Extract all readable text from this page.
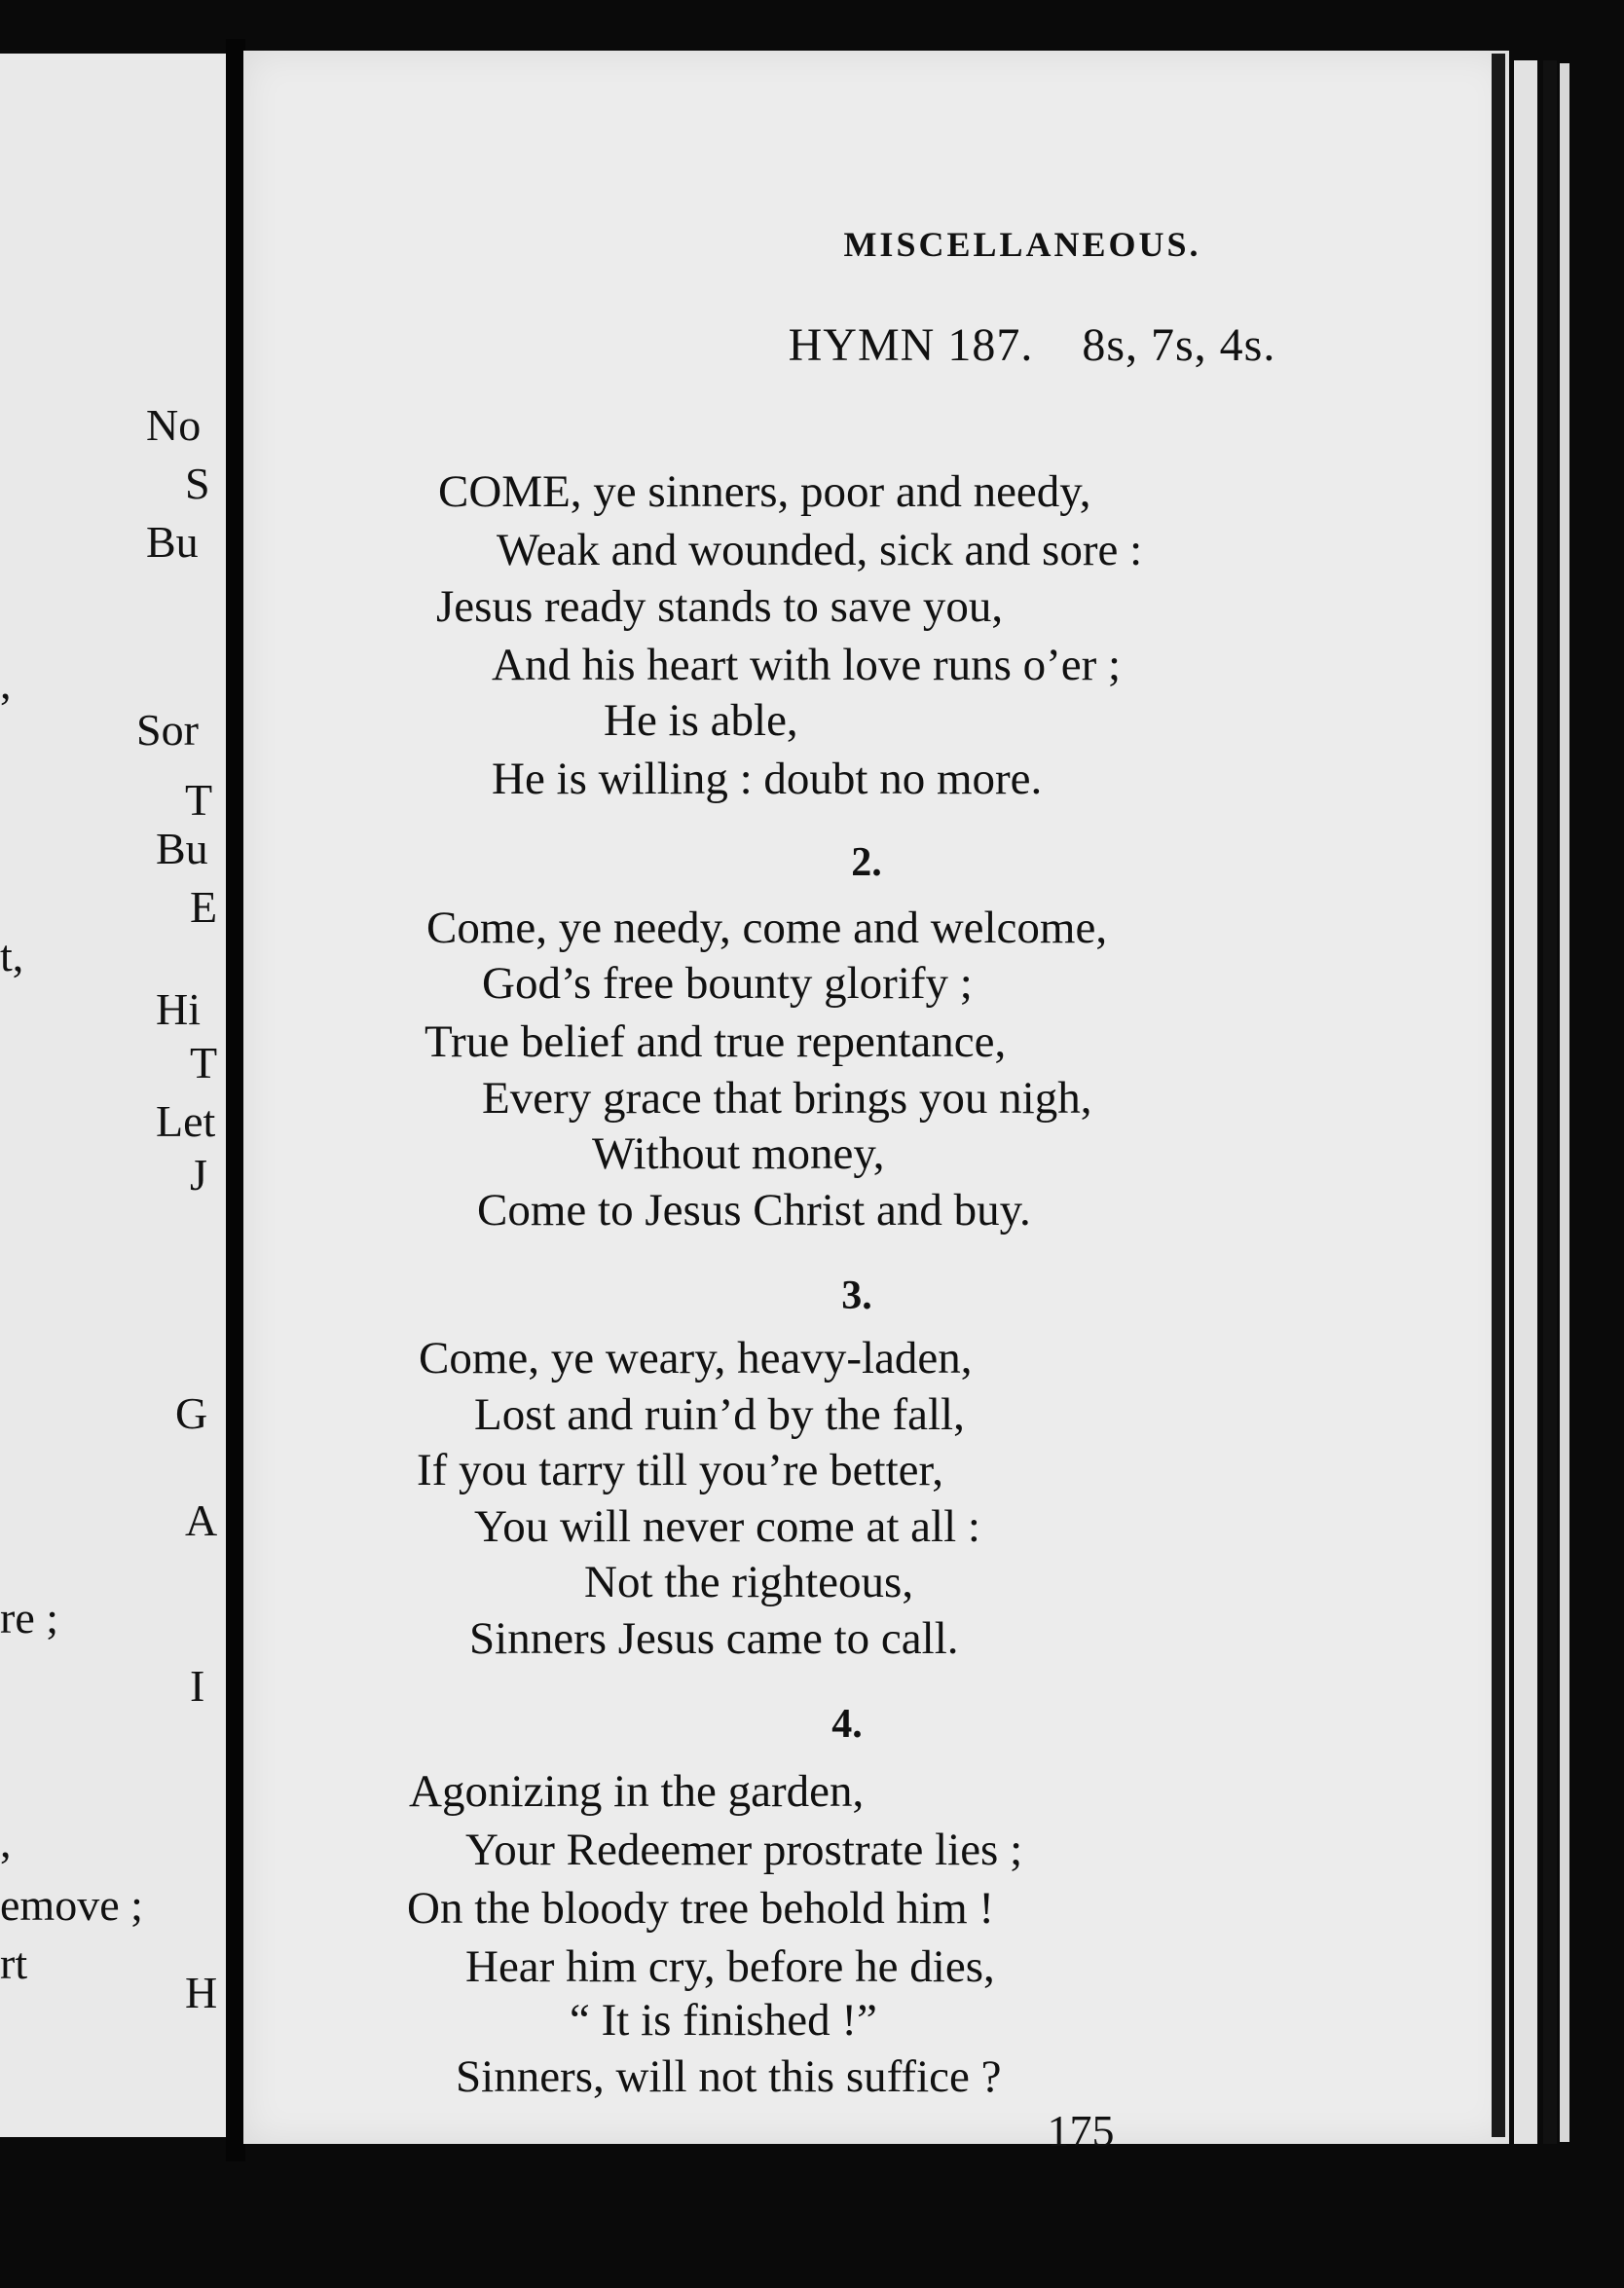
No
Bu
S
,
Sor
T
Bu
E
t,
Hi
T
Let
J
G
A
re ;
I
,
emove ;
rt
H
MISCELLANEOUS.
HYMN 187. 8s, 7s, 4s.
COME, ye sinners, poor and needy,
Weak and wounded, sick and sore :
Jesus ready stands to save you,
And his heart with love runs o’er ;
He is able,
He is willing : doubt no more.
2.
Come, ye needy, come and welcome,
God’s free bounty glorify ;
True belief and true repentance,
Every grace that brings you nigh,
Without money,
Come to Jesus Christ and buy.
3.
Come, ye weary, heavy-laden,
Lost and ruin’d by the fall,
If you tarry till you’re better,
You will never come at all :
Not the righteous,
Sinners Jesus came to call.
4.
Agonizing in the garden,
Your Redeemer prostrate lies ;
On the bloody tree behold him !
Hear him cry, before he dies,
“ It is finished !”
Sinners, will not this suffice ?
175
